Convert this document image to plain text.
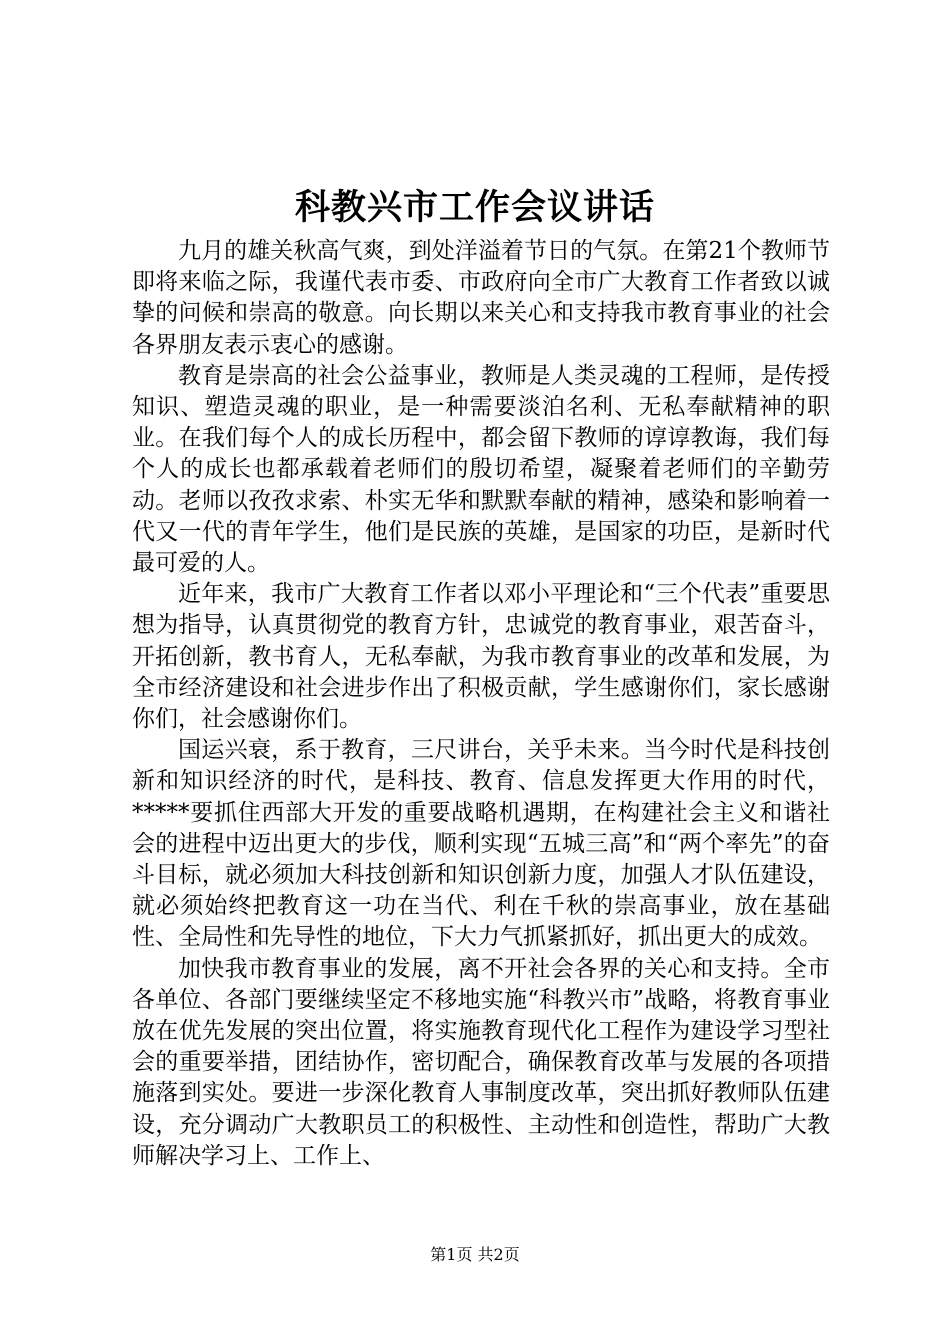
科教兴市工作会议讲话

九月的雄关秋高气爽，到处洋溢着节日的气氛。在第21个教师节即将来临之际，我谨代表市委、市政府向全市广大教育工作者致以诚挚的问候和崇高的敬意。向长期以来关心和支持我市教育事业的社会各界朋友表示衷心的感谢。

教育是崇高的社会公益事业，教师是人类灵魂的工程师，是传授知识、塑造灵魂的职业，是一种需要淡泊名利、无私奉献精神的职业。在我们每个人的成长历程中，都会留下教师的谆谆教诲，我们每个人的成长也都承载着老师们的殷切希望，凝聚着老师们的辛勤劳动。老师以孜孜求索、朴实无华和默默奉献的精神，感染和影响着一代又一代的青年学生，他们是民族的英雄，是国家的功臣，是新时代最可爱的人。

近年来，我市广大教育工作者以邓小平理论和“三个代表”重要思想为指导，认真贯彻党的教育方针，忠诚党的教育事业，艰苦奋斗，开拓创新，教书育人，无私奉献，为我市教育事业的改革和发展，为全市经济建设和社会进步作出了积极贡献，学生感谢你们，家长感谢你们，社会感谢你们。

国运兴衰，系于教育，三尺讲台，关乎未来。当今时代是科技创新和知识经济的时代，是科技、教育、信息发挥更大作用的时代，*****要抓住西部大开发的重要战略机遇期，在构建社会主义和谐社会的进程中迈出更大的步伐，顺利实现“五城三高”和“两个率先”的奋斗目标，就必须加大科技创新和知识创新力度，加强人才队伍建设，就必须始终把教育这一功在当代、利在千秋的崇高事业，放在基础性、全局性和先导性的地位，下大力气抓紧抓好，抓出更大的成效。

加快我市教育事业的发展，离不开社会各界的关心和支持。全市各单位、各部门要继续坚定不移地实施“科教兴市”战略，将教育事业放在优先发展的突出位置，将实施教育现代化工程作为建设学习型社会的重要举措，团结协作，密切配合，确保教育改革与发展的各项措施落到实处。要进一步深化教育人事制度改革，突出抓好教师队伍建设，充分调动广大教职员工的积极性、主动性和创造性，帮助广大教师解决学习上、工作上、

第1页 共2页
